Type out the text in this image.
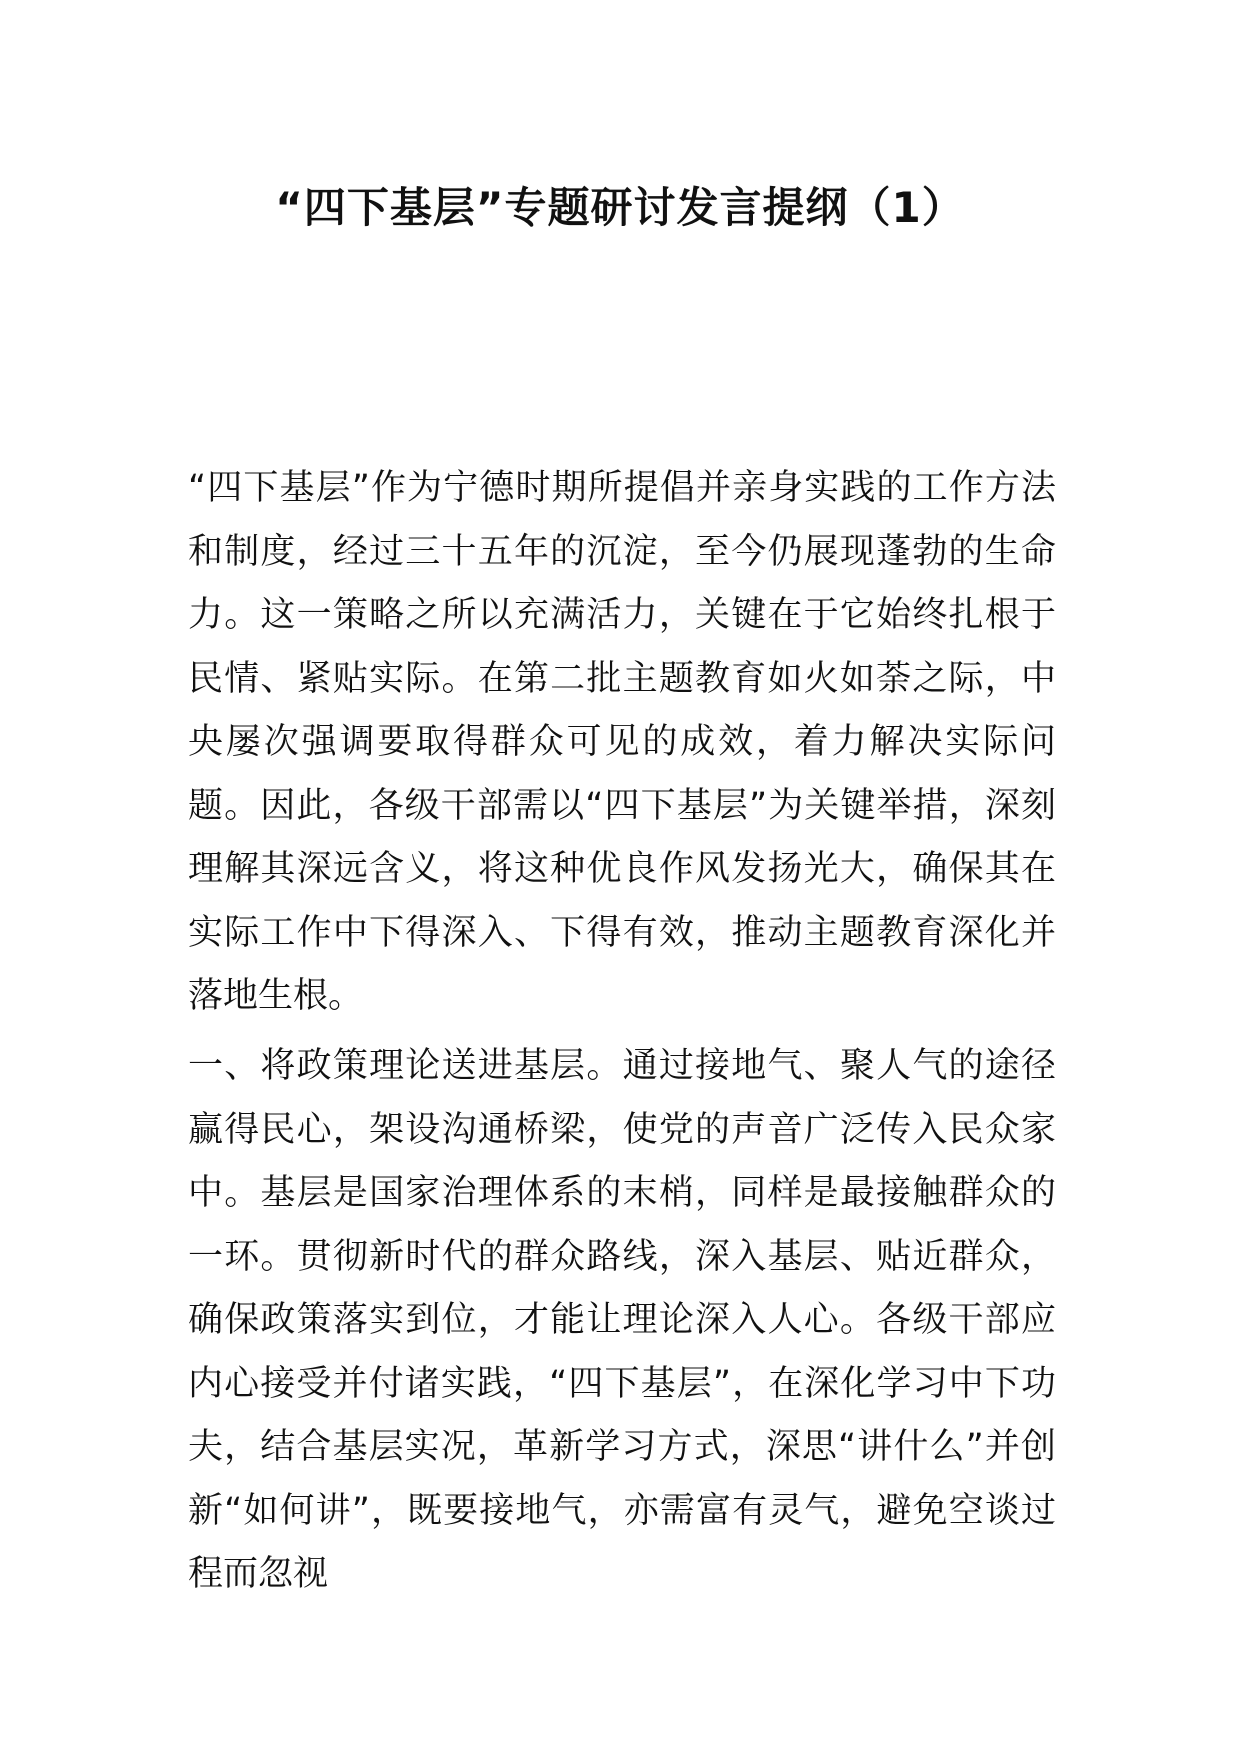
“四下基层”专题研讨发言提纲（1）

“四下基层”作为宁德时期所提倡并亲身实践的工作方法和制度，经过三十五年的沉淀，至今仍展现蓬勃的生命力。这一策略之所以充满活力，关键在于它始终扎根于民情、紧贴实际。在第二批主题教育如火如荼之际，中央屡次强调要取得群众可见的成效，着力解决实际问题。因此，各级干部需以“四下基层”为关键举措，深刻理解其深远含义，将这种优良作风发扬光大，确保其在实际工作中下得深入、下得有效，推动主题教育深化并落地生根。

一、将政策理论送进基层。通过接地气、聚人气的途径赢得民心，架设沟通桥梁，使党的声音广泛传入民众家中。基层是国家治理体系的末梢，同样是最接触群众的一环。贯彻新时代的群众路线，深入基层、贴近群众，确保政策落实到位，才能让理论深入人心。各级干部应内心接受并付诸实践，“四下基层”，在深化学习中下功夫，结合基层实况，革新学习方式，深思“讲什么”并创新“如何讲”，既要接地气，亦需富有灵气，避免空谈过程而忽视
